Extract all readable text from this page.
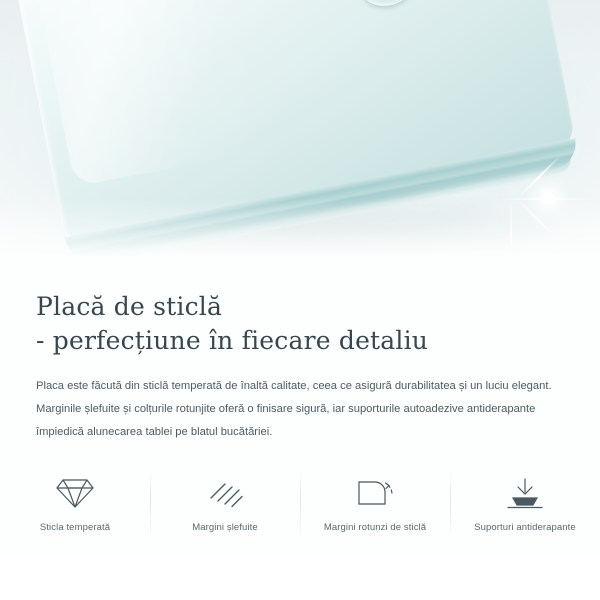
Placă de sticlă
- perfecțiune în fiecare detaliu

Placa este făcută din sticlă temperată de înaltă calitate, ceea ce asigură durabilitatea și un luciu elegant. Marginile șlefuite și colțurile rotunjite oferă o finisare sigură, iar suporturile autoadezive antiderapante împiedică alunecarea tablei pe blatul bucătăriei.

Sticla temperată	Margini șlefuite	Margini rotunzi de sticlă	Suporturi antiderapante
